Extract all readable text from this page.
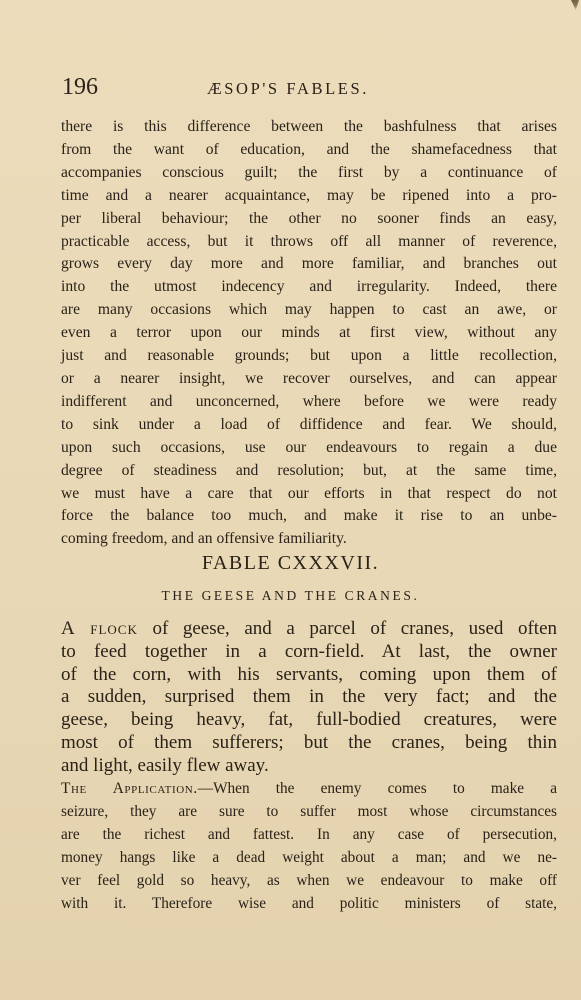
196	ÆSOP'S FABLES.
there is this difference between the bashfulness that arises
from the want of education, and the shamefacedness that
accompanies conscious guilt; the first by a continuance of
time and a nearer acquaintance, may be ripened into a pro-
per liberal behaviour; the other no sooner finds an easy,
practicable access, but it throws off all manner of reverence,
grows every day more and more familiar, and branches out
into the utmost indecency and irregularity. Indeed, there
are many occasions which may happen to cast an awe, or
even a terror upon our minds at first view, without any
just and reasonable grounds; but upon a little recollection,
or a nearer insight, we recover ourselves, and can appear
indifferent and unconcerned, where before we were ready
to sink under a load of diffidence and fear. We should,
upon such occasions, use our endeavours to regain a due
degree of steadiness and resolution; but, at the same time,
we must have a care that our efforts in that respect do not
force the balance too much, and make it rise to an unbe-
coming freedom, and an offensive familiarity.
FABLE CXXXVII.
THE GEESE AND THE CRANES.
A flock of geese, and a parcel of cranes, used often
to feed together in a corn-field. At last, the owner
of the corn, with his servants, coming upon them of
a sudden, surprised them in the very fact; and the
geese, being heavy, fat, full-bodied creatures, were
most of them sufferers; but the cranes, being thin
and light, easily flew away.
The Application.—When the enemy comes to make a
seizure, they are sure to suffer most whose circumstances
are the richest and fattest. In any case of persecution,
money hangs like a dead weight about a man; and we ne-
ver feel gold so heavy, as when we endeavour to make off
with it. Therefore wise and politic ministers of state,
